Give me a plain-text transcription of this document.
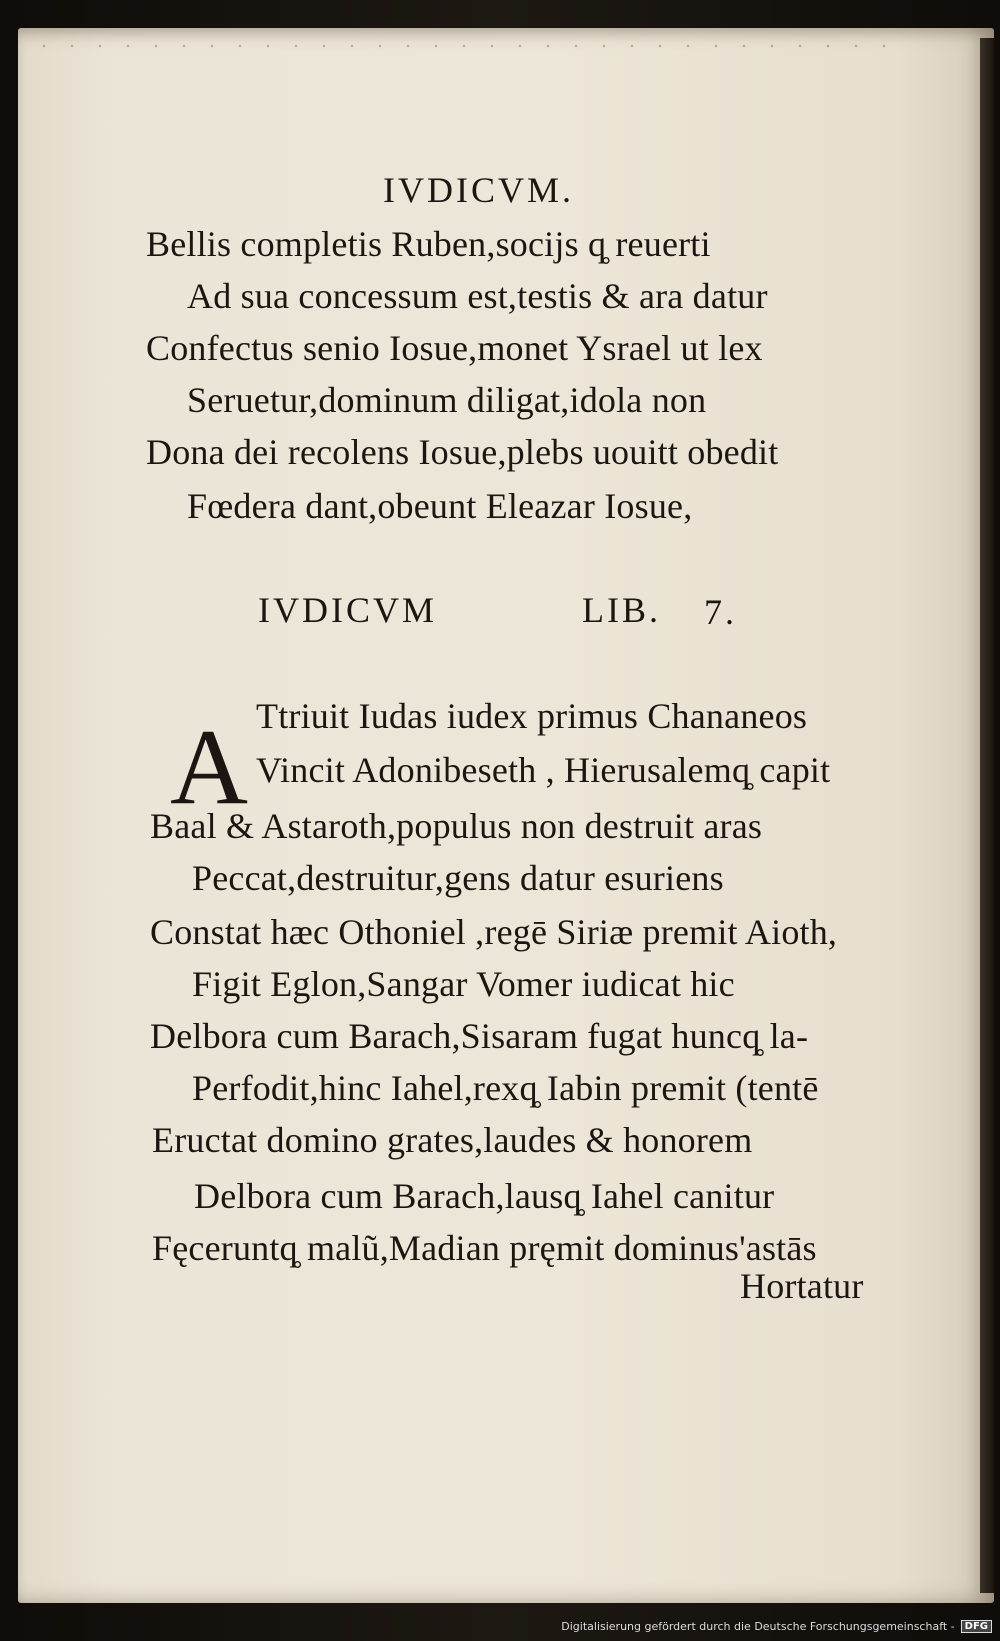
IVDICVM.
Bellis completis Ruben,socijs q̥ reuerti
Ad sua concessum est,testis & ara datur
Confectus senio Iosue,monet Ysrael ut lex
Seruetur,dominum diligat,idola non
Dona dei recolens Iosue,plebs uouitt obedit
Fœdera dant,obeunt Eleazar Iosue,
IVDICVM	LIB. 7.
A Ttriuit Iudas iudex primus Chananeos
Vincit Adonibeseth , Hierusalemq̥ capit
Baal & Astaroth,populus non destruit aras
Peccat,destruitur,gens datur esuriens
Constat hæc Othoniel ,regē Siriæ premit Aioth,
Figit Eglon,Sangar Vomer iudicat hic
Delbora cum Barach,Sisaram fugat huncq̥ la-
Perfodit,hinc Iahel,rexq̥ Iabin premit (tentē
Eructat domino grates,laudes & honorem
Delbora cum Barach,lausq̥ Iahel canitur
Fęceruntq̥ malũ,Madian pręmit dominus'astās
Hortatur
Digitalisierung gefördert durch die Deutsche Forschungsgemeinschaft -	DFG
